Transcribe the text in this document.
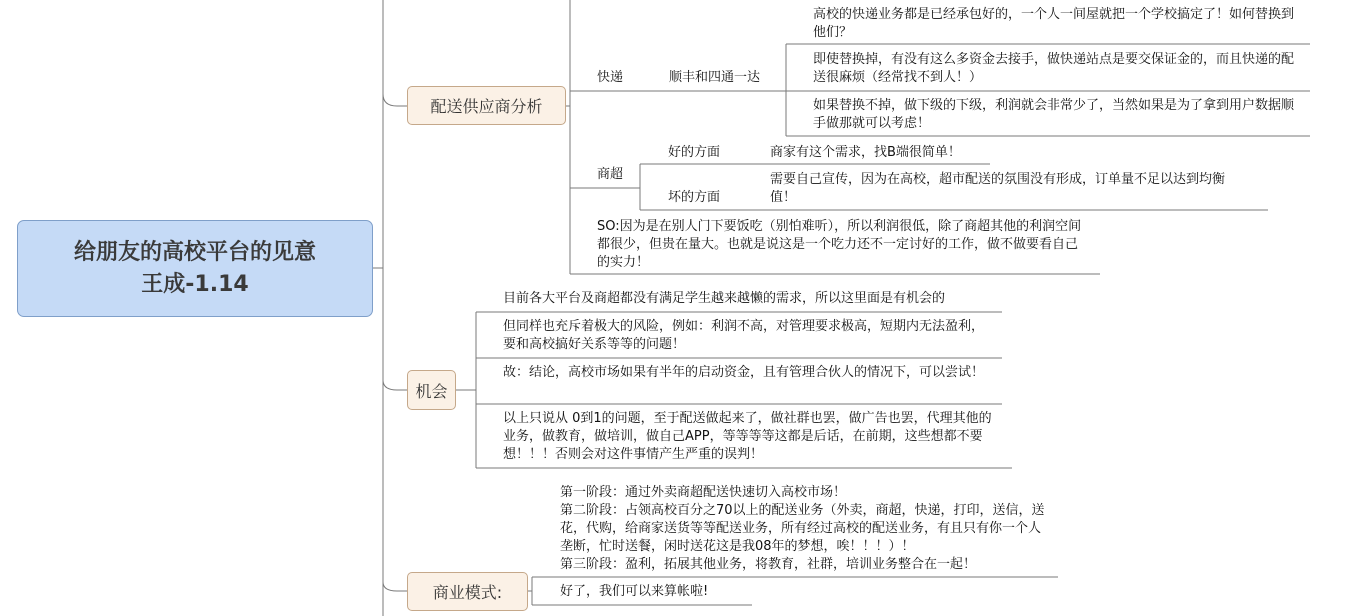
给朋友的高校平台的见意
王成-1.14
配送供应商分析
快递	顺丰和四通一达
高校的快递业务都是已经承包好的，一个人一间屋就把一个学校搞定了！如何替换到他们？
即使替换掉，有没有这么多资金去接手，做快递站点是要交保证金的，而且快递的配送很麻烦（经常找不到人！）
如果替换不掉，做下级的下级，利润就会非常少了，当然如果是为了拿到用户数据顺手做那就可以考虑！
商超
好的方面	商家有这个需求，找B端很简单！
坏的方面
需要自己宣传，因为在高校，超市配送的氛围没有形成，订单量不足以达到均衡值！
SO:因为是在别人门下要饭吃（别怕难听），所以利润很低，除了商超其他的利润空间都很少，但贵在量大。也就是说这是一个吃力还不一定讨好的工作，做不做要看自己的实力！
机会
目前各大平台及商超都没有满足学生越来越懒的需求，所以这里面是有机会的
但同样也充斥着极大的风险，例如：利润不高，对管理要求极高，短期内无法盈利，要和高校搞好关系等等的问题！
故：结论，高校市场如果有半年的启动资金，且有管理合伙人的情况下，可以尝试！
以上只说从 0到1的问题，至于配送做起来了，做社群也罢，做广告也罢，代理其他的业务，做教育，做培训，做自己APP，等等等等这都是后话，在前期，这些想都不要想！！！否则会对这件事情产生严重的误判！
商业模式:
第一阶段：通过外卖商超配送快速切入高校市场！
第二阶段：占领高校百分之70以上的配送业务（外卖，商超，快递，打印，送信，送花，代购，给商家送货等等配送业务，所有经过高校的配送业务，有且只有你一个人垄断，忙时送餐，闲时送花这是我08年的梦想，唉！！！）！
第三阶段：盈利，拓展其他业务，将教育，社群，培训业务整合在一起！
好了，我们可以来算帐啦!
